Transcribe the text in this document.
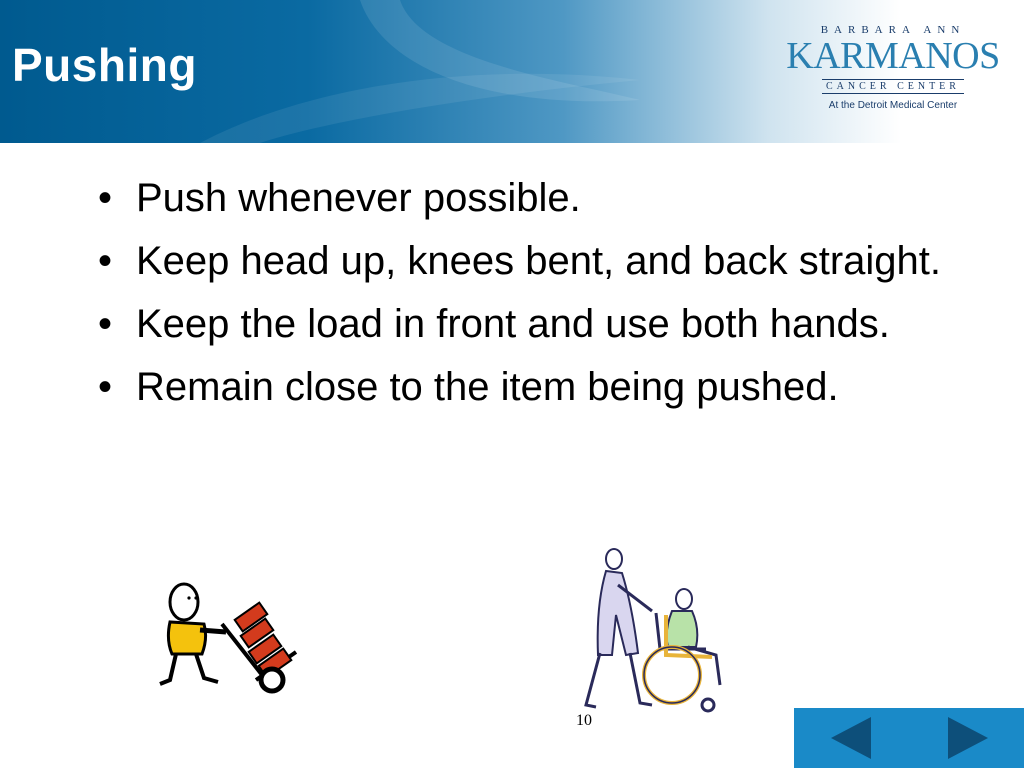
Pushing
BARBARA ANN
KARMANOS
CANCER CENTER
At the Detroit Medical Center
• Push whenever possible.
• Keep head up, knees bent, and back straight.
• Keep the load in front and use both hands.
• Remain close to the item being pushed.
10
